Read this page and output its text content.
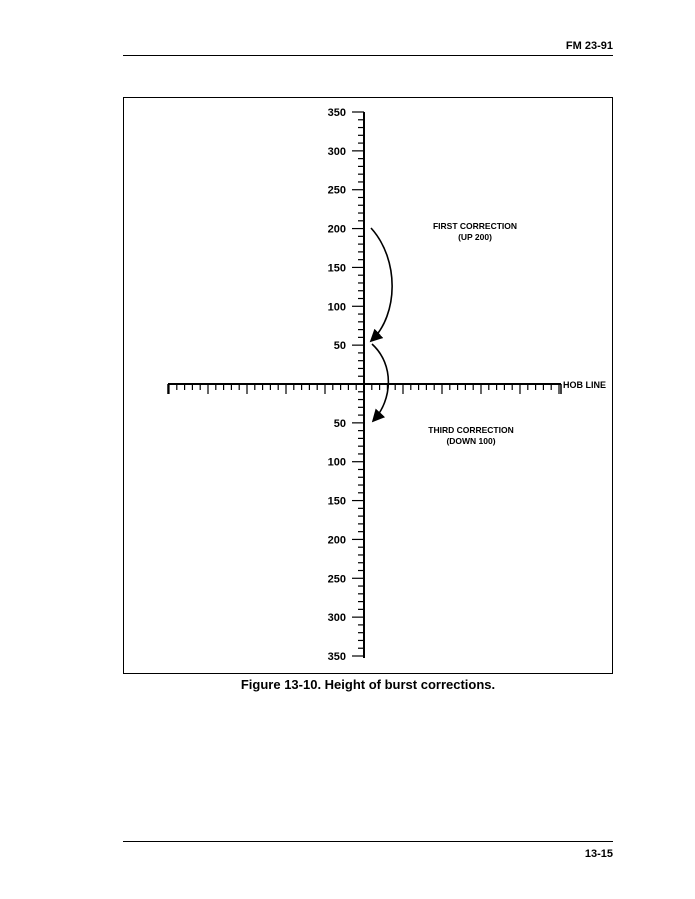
FM 23-91
350
300
250
200
150
100
50
50
100
150
200
250
300
350
HOB LINE
FIRST CORRECTION
(UP 200)
THIRD CORRECTION
(DOWN 100)
Figure 13-10. Height of burst corrections.
13-15
